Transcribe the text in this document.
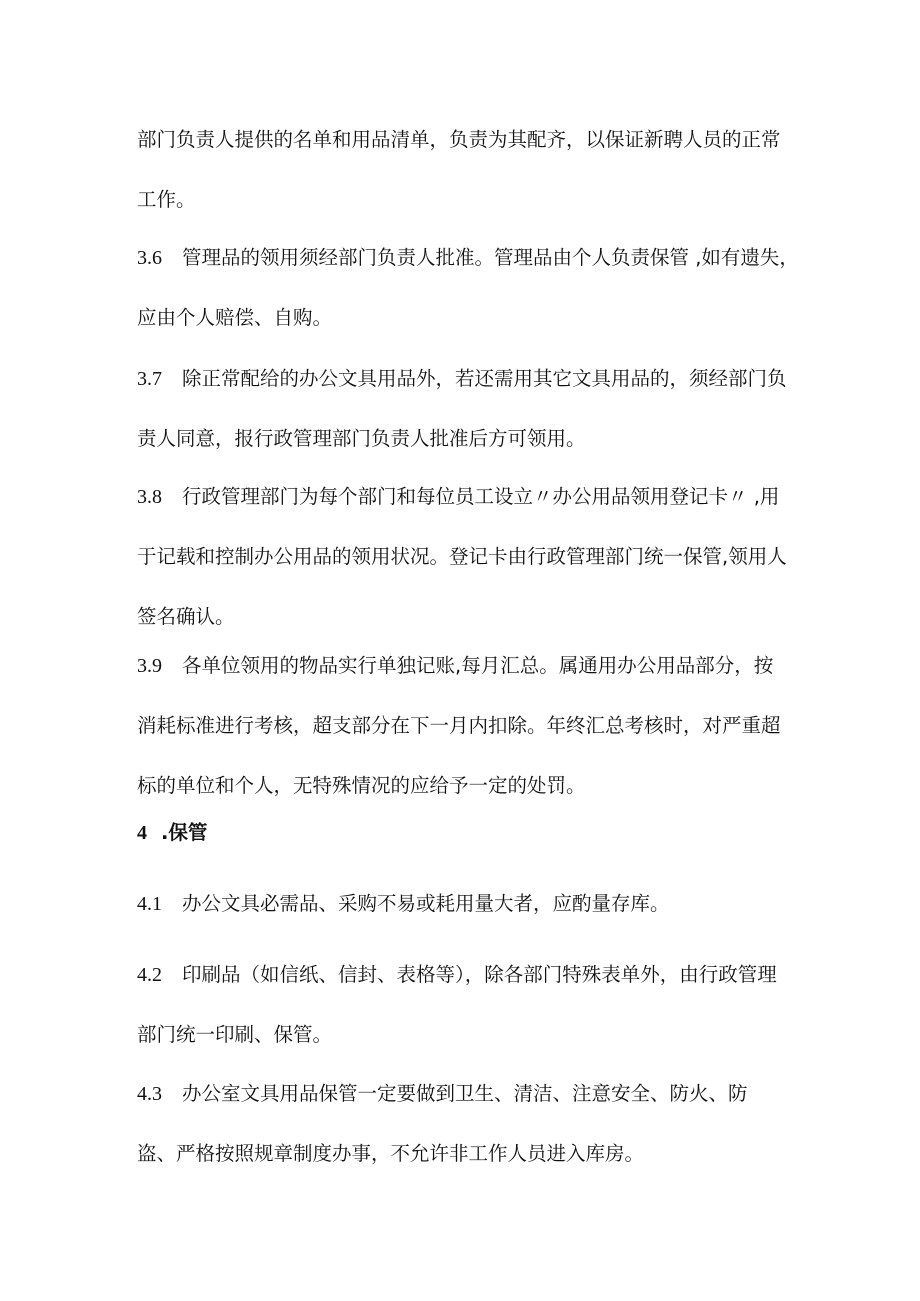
部门负责人提供的名单和用品清单，负责为其配齐，以保证新聘人员的正常
工作。

3.6 管理品的领用须经部门负责人批准。管理品由个人负责保管 ,如有遗失，
应由个人赔偿、自购。

3.7 除正常配给的办公文具用品外，若还需用其它文具用品的，须经部门负
责人同意，报行政管理部门负责人批准后方可领用。

3.8 行政管理部门为每个部门和每位员工设立〃办公用品领用登记卡〃 ,用
于记载和控制办公用品的领用状况。登记卡由行政管理部门统一保管,领用人
签名确认。

3.9 各单位领用的物品实行单独记账,每月汇总。属通用办公用品部分，按
消耗标准进行考核，超支部分在下一月内扣除。年终汇总考核时，对严重超
标的单位和个人，无特殊情况的应给予一定的处罚。

4 .保管

4.1 办公文具必需品、采购不易或耗用量大者，应酌量存库。

4.2 印刷品（如信纸、信封、表格等），除各部门特殊表单外，由行政管理
部门统一印刷、保管。

4.3 办公室文具用品保管一定要做到卫生、清洁、注意安全、防火、防
盗、严格按照规章制度办事，不允许非工作人员进入库房。
